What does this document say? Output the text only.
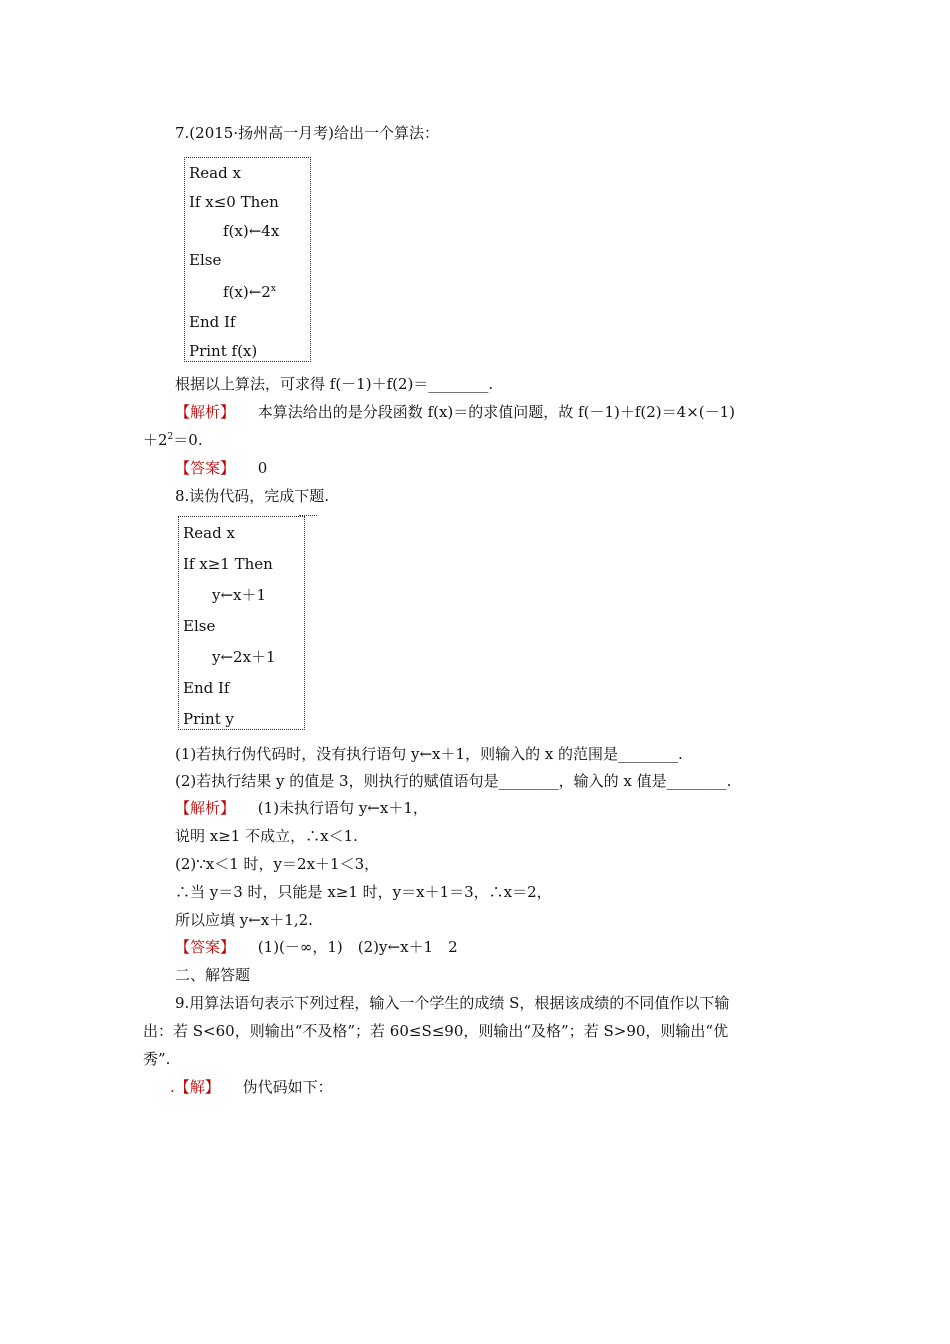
7.(2015·扬州高一月考)给出一个算法：
Read x
If x≤0 Then
f(x)←4x
Else
f(x)←2$^x$
End If
Print f(x)
根据以上算法，可求得 f(－1)＋f(2)＝________.
【解析】 本算法给出的是分段函数 f(x)＝的求值问题，故 f(－1)＋f(2)＝4×(－1)
$+2^2=0$.
【答案】 0
8.读伪代码，完成下题.
Read x
If x≥1 Then
y←x＋1
Else
y←2x＋1
End If
Print y
(1)若执行伪代码时，没有执行语句 y←x＋1，则输入的 x 的范围是________.
(2)若执行结果 y 的值是 3，则执行的赋值语句是________，输入的 x 值是________.
【解析】 (1)未执行语句 y←x＋1，
说明 x≥1 不成立，∴x＜1.
(2)∵x＜1 时，y＝2x＋1＜3，
∴当 y＝3 时，只能是 x≥1 时，y＝x＋1＝3，∴x＝2，
所以应填 y←x＋1,2.
【答案】 (1)(－∞，1)　(2)y←x＋1　2
二、解答题
9.用算法语句表示下列过程，输入一个学生的成绩 S，根据该成绩的不同值作以下输
出：若 S<60，则输出“不及格”；若 60≤S≤90，则输出“及格”；若 S>90，则输出“优
秀”.
.【解】 伪代码如下：
